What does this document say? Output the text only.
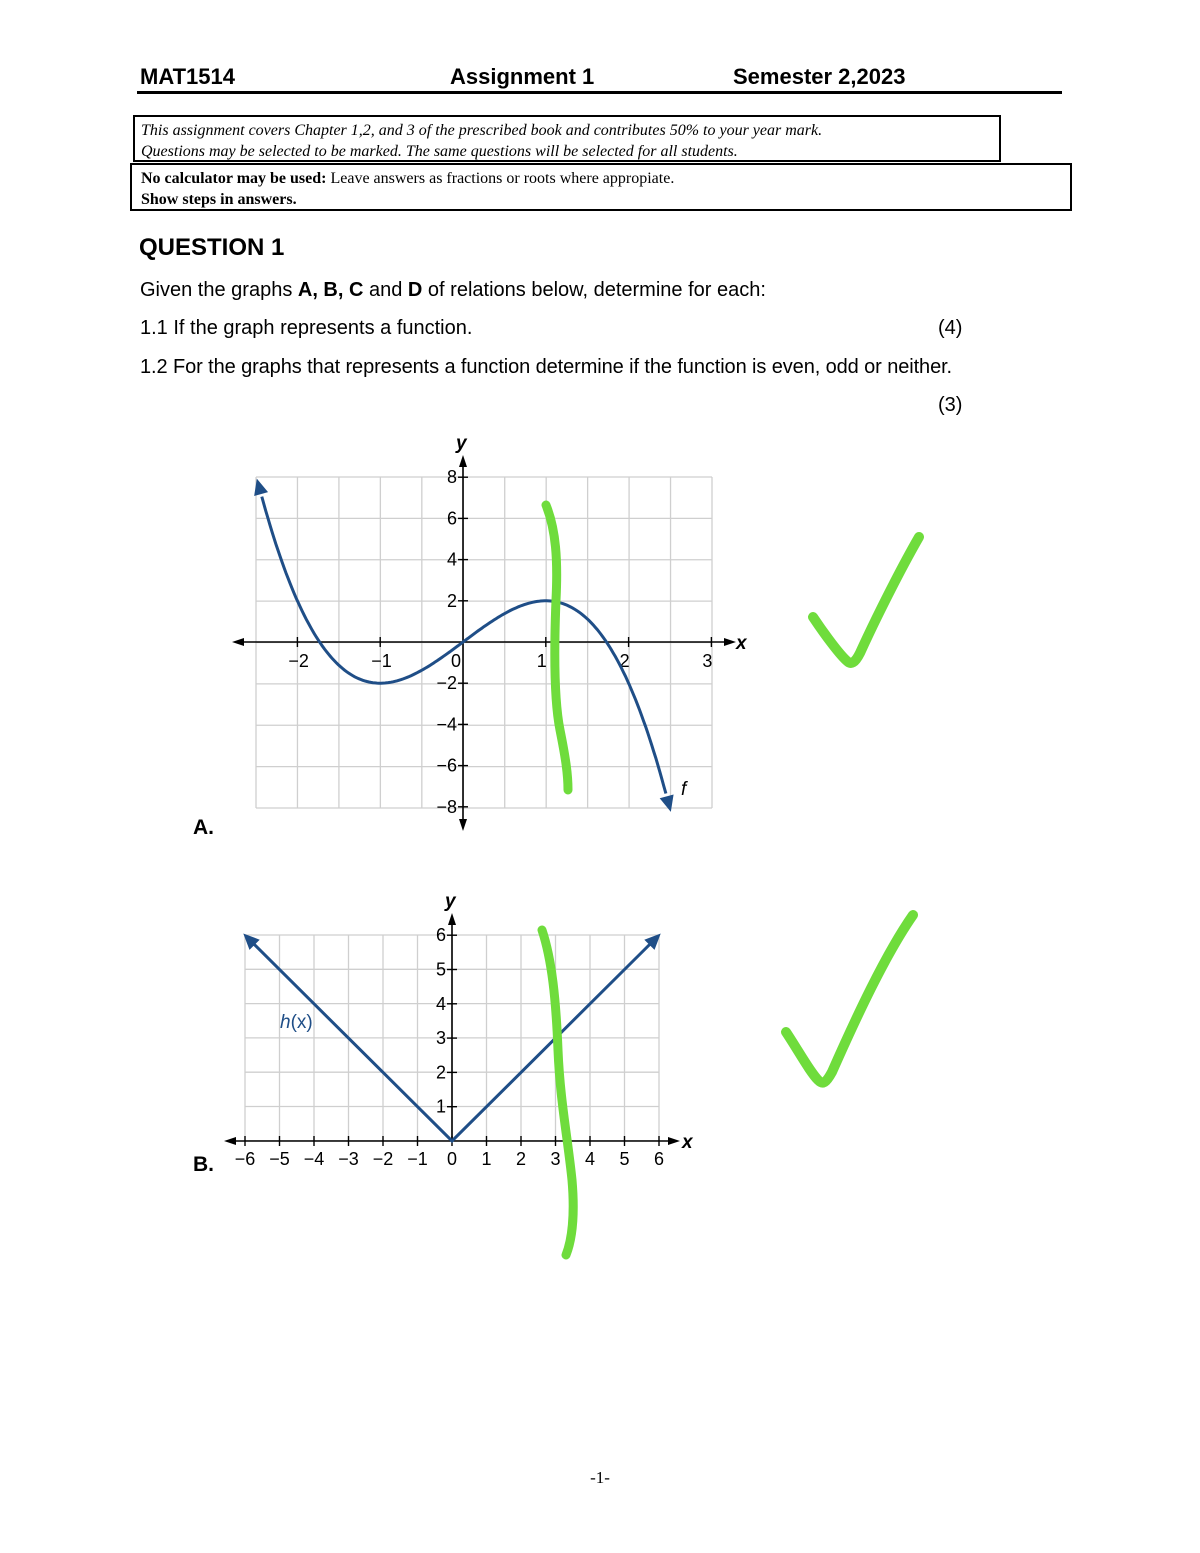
MAT1514	Assignment 1	Semester 2,2023

This assignment covers Chapter 1,2, and 3 of the prescribed book and contributes 50% to your year mark.

Questions may be selected to be marked. The same questions will be selected for all students.

No calculator may be used: Leave answers as fractions or roots where appropiate.

Show steps in answers.

QUESTION 1
Given the graphs A, B, C and D of relations below, determine for each:
1.1 If the graph represents a function.	(4)
1.2 For the graphs that represents a function determine if the function is even, odd or neither.
(3)
−2	−1	0	1	2	3
8
6
4
2
−2
−4
−6
−8
x
y
f
A.
−6 −5 −4 −3 −2 −1 0 1 2 3 4 5 6
6
5
4
3
2
1
x
y
h(x)
B.
-1-
